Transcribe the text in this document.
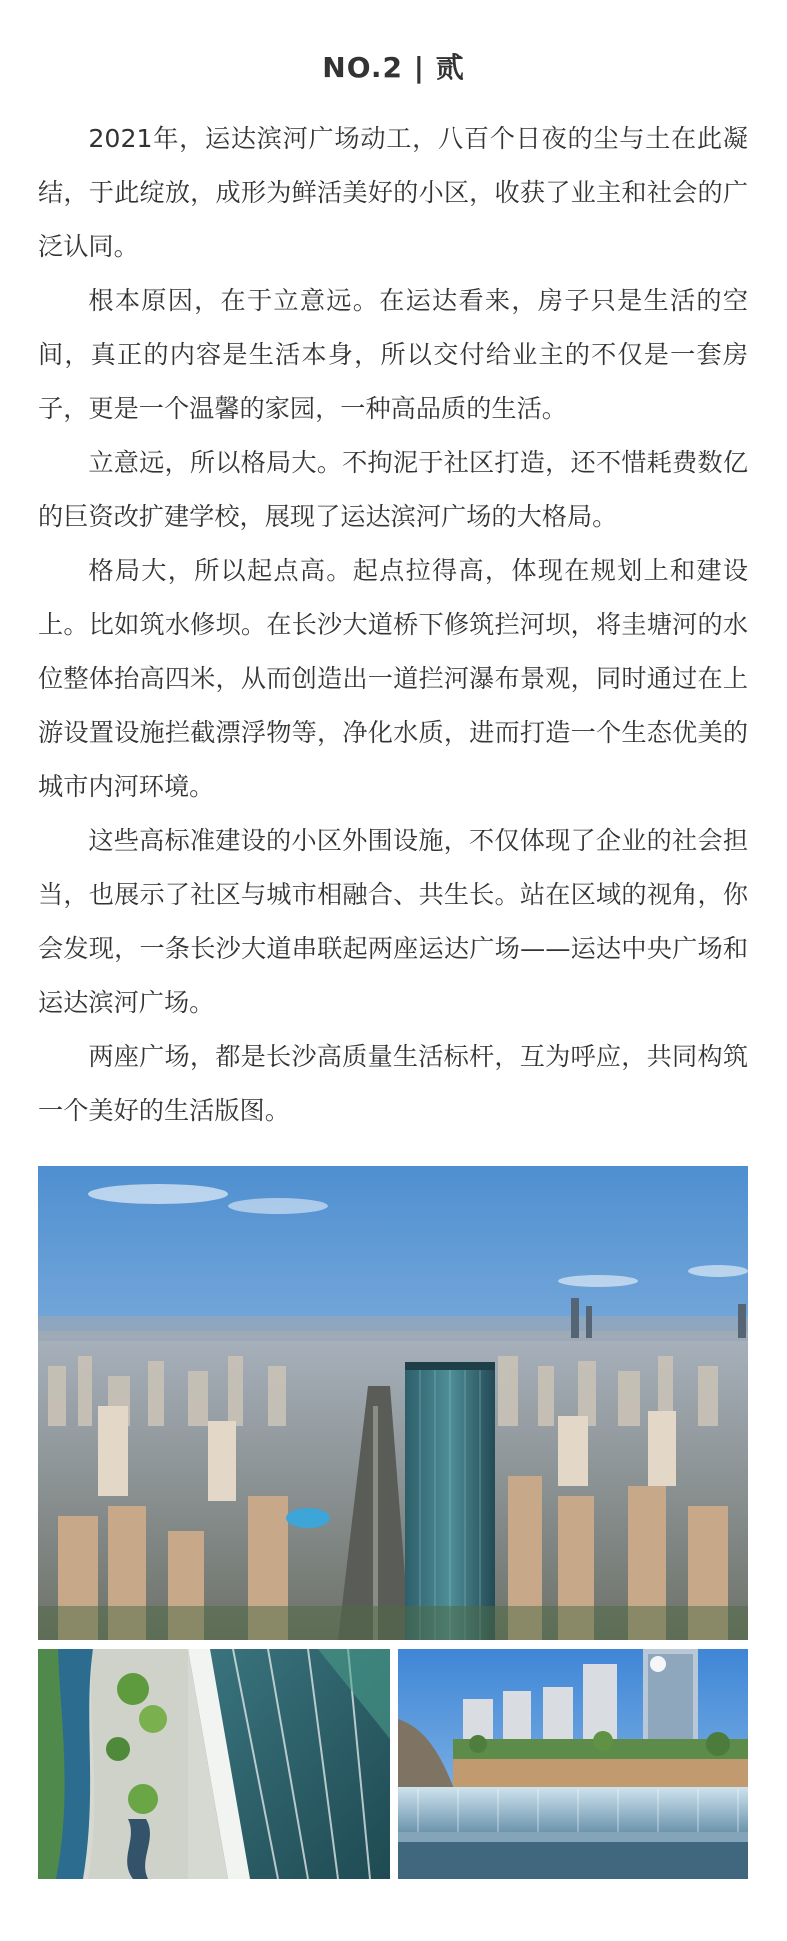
NO.2 | 贰

2021年，运达滨河广场动工，八百个日夜的尘与土在此凝结，于此绽放，成形为鲜活美好的小区，收获了业主和社会的广泛认同。

根本原因，在于立意远。在运达看来，房子只是生活的空间，真正的内容是生活本身，所以交付给业主的不仅是一套房子，更是一个温馨的家园，一种高品质的生活。

立意远，所以格局大。不拘泥于社区打造，还不惜耗费数亿的巨资改扩建学校，展现了运达滨河广场的大格局。

格局大，所以起点高。起点拉得高，体现在规划上和建设上。比如筑水修坝。在长沙大道桥下修筑拦河坝，将圭塘河的水位整体抬高四米，从而创造出一道拦河瀑布景观，同时通过在上游设置设施拦截漂浮物等，净化水质，进而打造一个生态优美的城市内河环境。

这些高标准建设的小区外围设施，不仅体现了企业的社会担当，也展示了社区与城市相融合、共生长。站在区域的视角，你会发现，一条长沙大道串联起两座运达广场——运达中央广场和运达滨河广场。

两座广场，都是长沙高质量生活标杆，互为呼应，共同构筑一个美好的生活版图。
